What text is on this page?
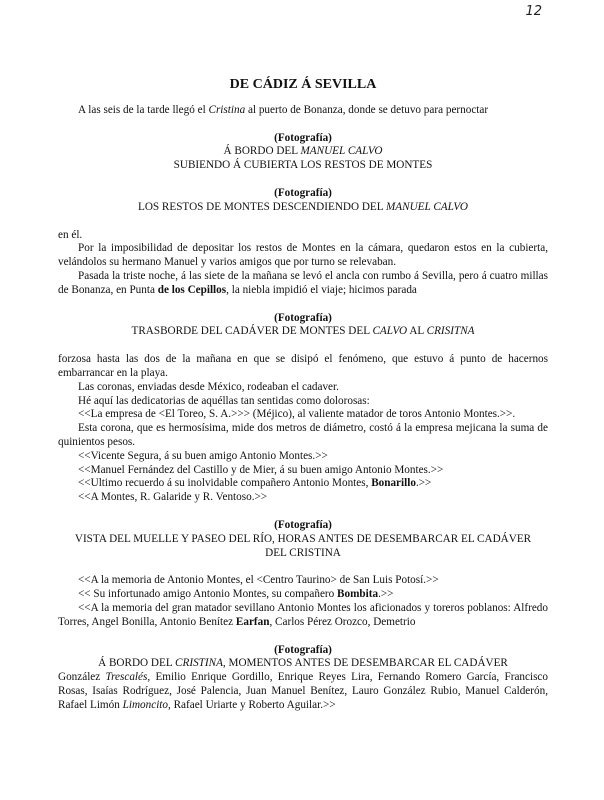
12
DE CÁDIZ Á SEVILLA

A las seis de la tarde llegó el Cristina al puerto de Bonanza, donde se detuvo para pernoctar

(Fotografía)
Á BORDO DEL MANUEL CALVO
SUBIENDO Á CUBIERTA LOS RESTOS DE MONTES
(Fotografía)
LOS RESTOS DE MONTES DESCENDIENDO DEL MANUEL CALVO

en él.

Por la imposibilidad de depositar los restos de Montes en la cámara, quedaron estos en la cubierta, velándolos su hermano Manuel y varios amigos que por turno se relevaban.

Pasada la triste noche, á las siete de la mañana se levó el ancla con rumbo á Sevilla, pero á cuatro millas de Bonanza, en Punta de los Cepillos, la niebla impidió el viaje; hicimos parada

(Fotografía)
TRASBORDE DEL CADÁVER DE MONTES DEL CALVO AL CRISITNA

forzosa hasta las dos de la mañana en que se disipó el fenómeno, que estuvo á punto de hacernos embarrancar en la playa.

Las coronas, enviadas desde México, rodeaban el cadaver.

Hé aquí las dedicatorias de aquéllas tan sentidas como dolorosas:

<<La empresa de <El Toreo, S. A.>>> (Méjico), al valiente matador de toros Antonio Montes.>>.

Esta corona, que es hermosísima, mide dos metros de diámetro, costó á la empresa mejicana la suma de quinientos pesos.

<<Vicente Segura, á su buen amigo Antonio Montes.>>

<<Manuel Fernández del Castillo y de Mier, á su buen amigo Antonio Montes.>>

<<Ultimo recuerdo á su inolvidable compañero Antonio Montes, Bonarillo.>>

<<A Montes, R. Galaride y R. Ventoso.>>

(Fotografía)
VISTA DEL MUELLE Y PASEO DEL RÍO, HORAS ANTES DE DESEMBARCAR EL CADÁVER
DEL CRISTINA

<<A la memoria de Antonio Montes, el <Centro Taurino> de San Luis Potosí.>>

<< Su infortunado amigo Antonio Montes, su compañero Bombita.>>

<<A la memoria del gran matador sevillano Antonio Montes los aficionados y toreros poblanos: Alfredo Torres, Angel Bonilla, Antonio Benítez Earfan, Carlos Pérez Orozco, Demetrio

(Fotografía)
Á BORDO DEL CRISTINA, MOMENTOS ANTES DE DESEMBARCAR EL CADÁVER

González Trescalés, Emilio Enrique Gordillo, Enrique Reyes Lira, Fernando Romero García, Francisco Rosas, Isaías Rodríguez, José Palencia, Juan Manuel Benítez, Lauro González Rubio, Manuel Calderón, Rafael Limón Limoncito, Rafael Uriarte y Roberto Aguilar.>>
